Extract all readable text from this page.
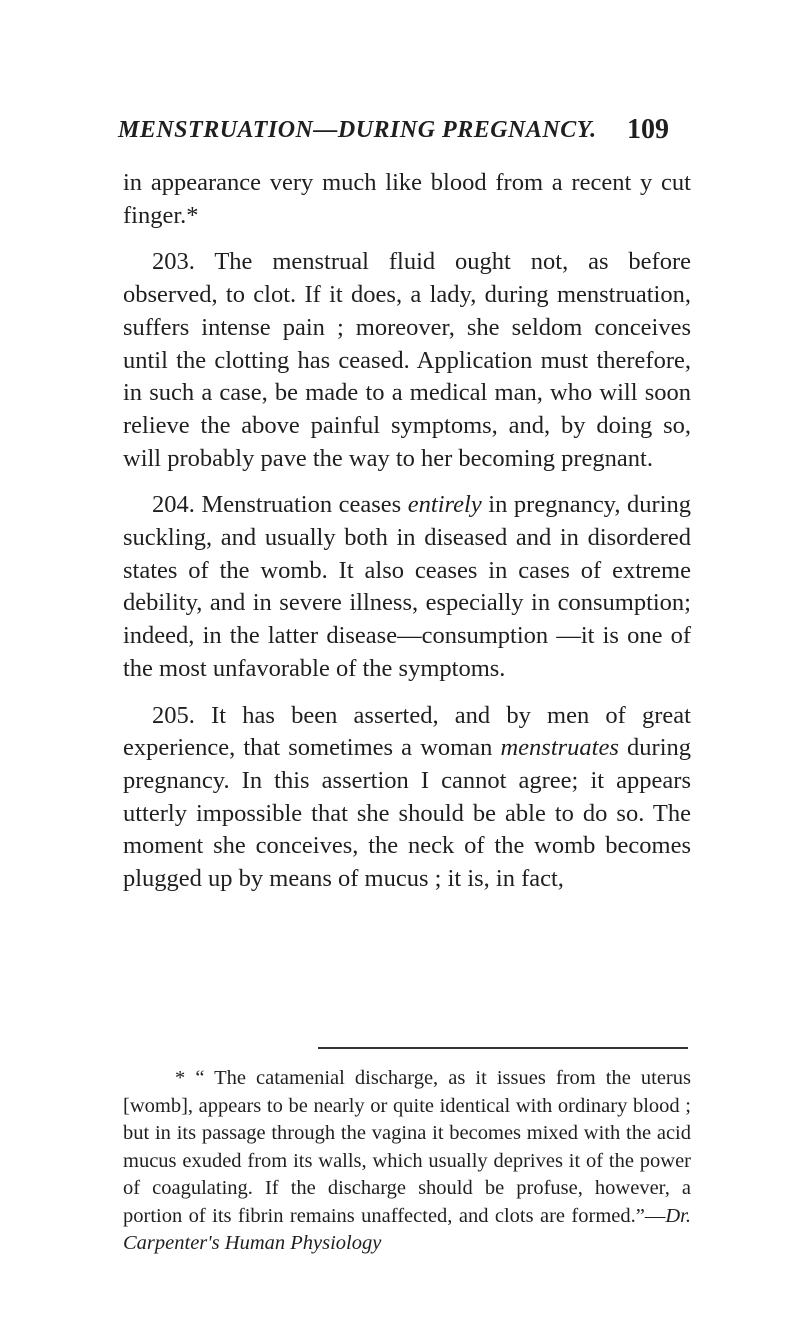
MENSTRUATION—DURING PREGNANCY.	109

in appearance very much like blood from a recent y cut finger.*

203. The menstrual fluid ought not, as before observed, to clot. If it does, a lady, during menstruation, suffers intense pain ; moreover, she seldom conceives until the clotting has ceased. Application must therefore, in such a case, be made to a medical man, who will soon relieve the above painful symptoms, and, by doing so, will probably pave the way to her becoming pregnant.

204. Menstruation ceases entirely in pregnancy, during suckling, and usually both in diseased and in disordered states of the womb. It also ceases in cases of extreme debility, and in severe illness, especially in consumption; indeed, in the latter disease—consumption —it is one of the most unfavorable of the symptoms.

205. It has been asserted, and by men of great experience, that sometimes a woman menstruates during pregnancy. In this assertion I cannot agree; it appears utterly impossible that she should be able to do so. The moment she conceives, the neck of the womb becomes plugged up by means of mucus ; it is, in fact,

* “ The catamenial discharge, as it issues from the uterus [womb], appears to be nearly or quite identical with ordinary blood ; but in its passage through the vagina it becomes mixed with the acid mucus exuded from its walls, which usually deprives it of the power of coagulating. If the discharge should be profuse, however, a portion of its fibrin remains unaffected, and clots are formed.”—Dr. Carpenter's Human Physiology
